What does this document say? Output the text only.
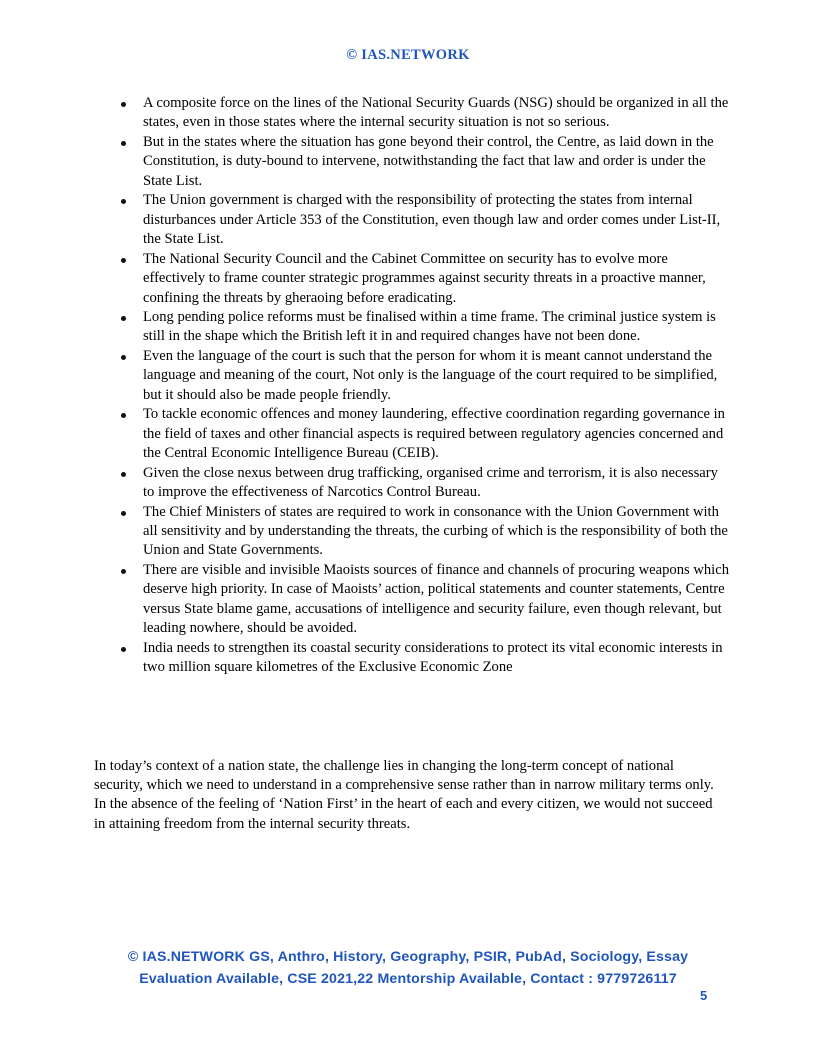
© IAS.NETWORK
A composite force on the lines of the National Security Guards (NSG) should be organized in all the states, even in those states where the internal security situation is not so serious.
But in the states where the situation has gone beyond their control, the Centre, as laid down in the Constitution, is duty-bound to intervene, notwithstanding the fact that law and order is under the State List.
The Union government is charged with the responsibility of protecting the states from internal disturbances under Article 353 of the Constitution, even though law and order comes under List-II, the State List.
The National Security Council and the Cabinet Committee on security has to evolve more effectively to frame counter strategic programmes against security threats in a proactive manner, confining the threats by gheraoing before eradicating.
Long pending police reforms must be finalised within a time frame. The criminal justice system is still in the shape which the British left it in and required changes have not been done.
Even the language of the court is such that the person for whom it is meant cannot understand the language and meaning of the court, Not only is the language of the court required to be simplified, but it should also be made people friendly.
To tackle economic offences and money laundering, effective coordination regarding governance in the field of taxes and other financial aspects is required between regulatory agencies concerned and the Central Economic Intelligence Bureau (CEIB).
Given the close nexus between drug trafficking, organised crime and terrorism, it is also necessary to improve the effectiveness of Narcotics Control Bureau.
The Chief Ministers of states are required to work in consonance with the Union Government with all sensitivity and by understanding the threats, the curbing of which is the responsibility of both the Union and State Governments.
There are visible and invisible Maoists sources of finance and channels of procuring weapons which deserve high priority. In case of Maoists’ action, political statements and counter statements, Centre versus State blame game, accusations of intelligence and security failure, even though relevant, but leading nowhere, should be avoided.
India needs to strengthen its coastal security considerations to protect its vital economic interests in two million square kilometres of the Exclusive Economic Zone

In today’s context of a nation state, the challenge lies in changing the long-term concept of national security, which we need to understand in a comprehensive sense rather than in narrow military terms only. In the absence of the feeling of ‘Nation First’ in the heart of each and every citizen, we would not succeed in attaining freedom from the internal security threats.

© IAS.NETWORK GS, Anthro, History, Geography, PSIR, PubAd, Sociology, Essay
Evaluation Available, CSE 2021,22 Mentorship Available, Contact : 9779726117
5
